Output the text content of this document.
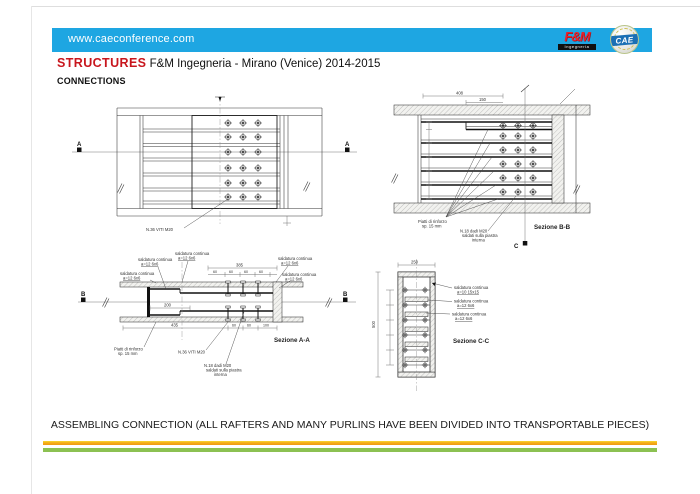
www.caeconference.com	F&M
Ingegneria
CAE
STRUCTURES F&M Ingegneria - Mirano (Venice) 2014-2015
CONNECTIONS
A	A
N.36 VITI M20
408
150
Piatti di rinforzo
sp. 15 mm
N.18 dadi M20
saldati sulla piastra
interna
C
Sezione B-B
B	B
saldatura continua
a=12 6x6
saldatura continua
a=12 6x6
saldatura continua
a=12 6x6
saldatura continua
a=12 6x6
saldatura continua
a=12 6x6
385
60	60	60	60
200
435	60	60	100
Piatti di rinforzo
sp. 15 mm	N.36 VITI M20
N.18 dadi M20
saldati sulla piastra
interna
Sezione A-A
500
250
saldatura continua
a=10 15x15
saldatura continua
a=12 6x6
saldatura continua
a=12 6x6
Sezione C-C
ASSEMBLING CONNECTION (ALL RAFTERS AND MANY PURLINS HAVE BEEN DIVIDED INTO TRANSPORTABLE PIECES)
